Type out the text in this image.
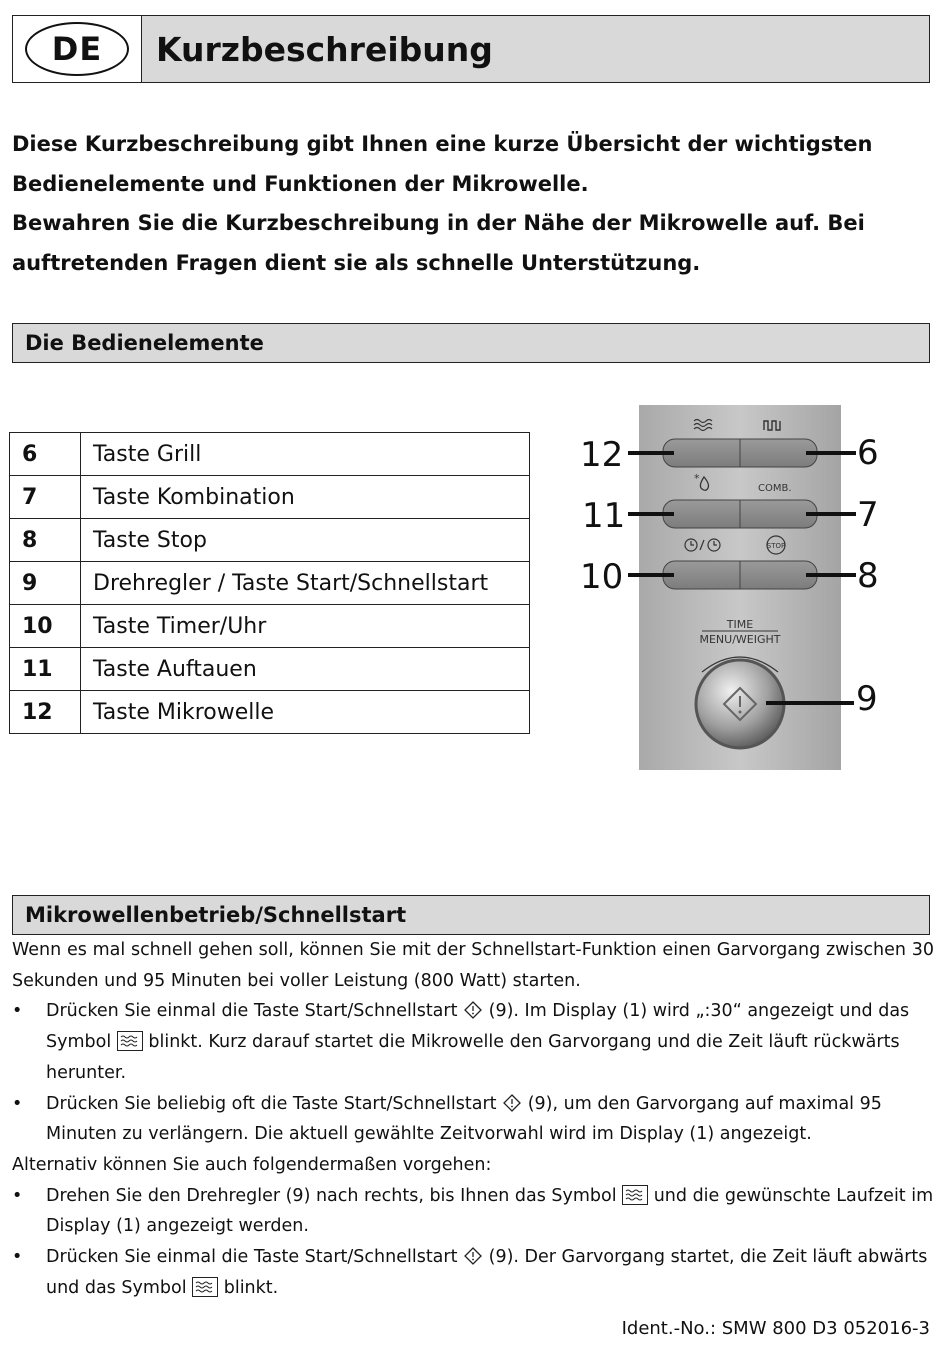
DE	Kurzbeschreibung

Diese Kurzbeschreibung gibt Ihnen eine kurze Übersicht der wichtigsten Bedienelemente und Funktionen der Mikrowelle.

Bewahren Sie die Kurzbeschreibung in der Nähe der Mikrowelle auf. Bei auftretenden Fragen dient sie als schnelle Unterstützung.

Die Bedienelemente
6	Taste Grill
7	Taste Kombination
8	Taste Stop
9	Drehregler / Taste Start/Schnellstart
10	Taste Timer/Uhr
11	Taste Auftauen
12	Taste Mikrowelle
*
COMB.
STOP
TIME
MENU/WEIGHT
12
11
10
6
7
8
9
Mikrowellenbetrieb/Schnellstart

Wenn es mal schnell gehen soll, können Sie mit der Schnellstart-Funktion einen Garvorgang zwischen 30 Sekunden und 95 Minuten bei voller Leistung (800 Watt) starten.

•	Drücken Sie einmal die Taste Start/Schnellstart (9). Im Display (1) wird „:30“ angezeigt und das Symbol blinkt. Kurz darauf startet die Mikrowelle den Garvorgang und die Zeit läuft rückwärts herunter.
•	Drücken Sie beliebig oft die Taste Start/Schnellstart (9), um den Garvorgang auf maximal 95 Minuten zu verlängern. Die aktuell gewählte Zeitvorwahl wird im Display (1) angezeigt.

Alternativ können Sie auch folgendermaßen vorgehen:

•	Drehen Sie den Drehregler (9) nach rechts, bis Ihnen das Symbol und die gewünschte Laufzeit im Display (1) angezeigt werden.
•	Drücken Sie einmal die Taste Start/Schnellstart (9). Der Garvorgang startet, die Zeit läuft abwärts und das Symbol blinkt.
Ident.-No.: SMW 800 D3 052016-3
